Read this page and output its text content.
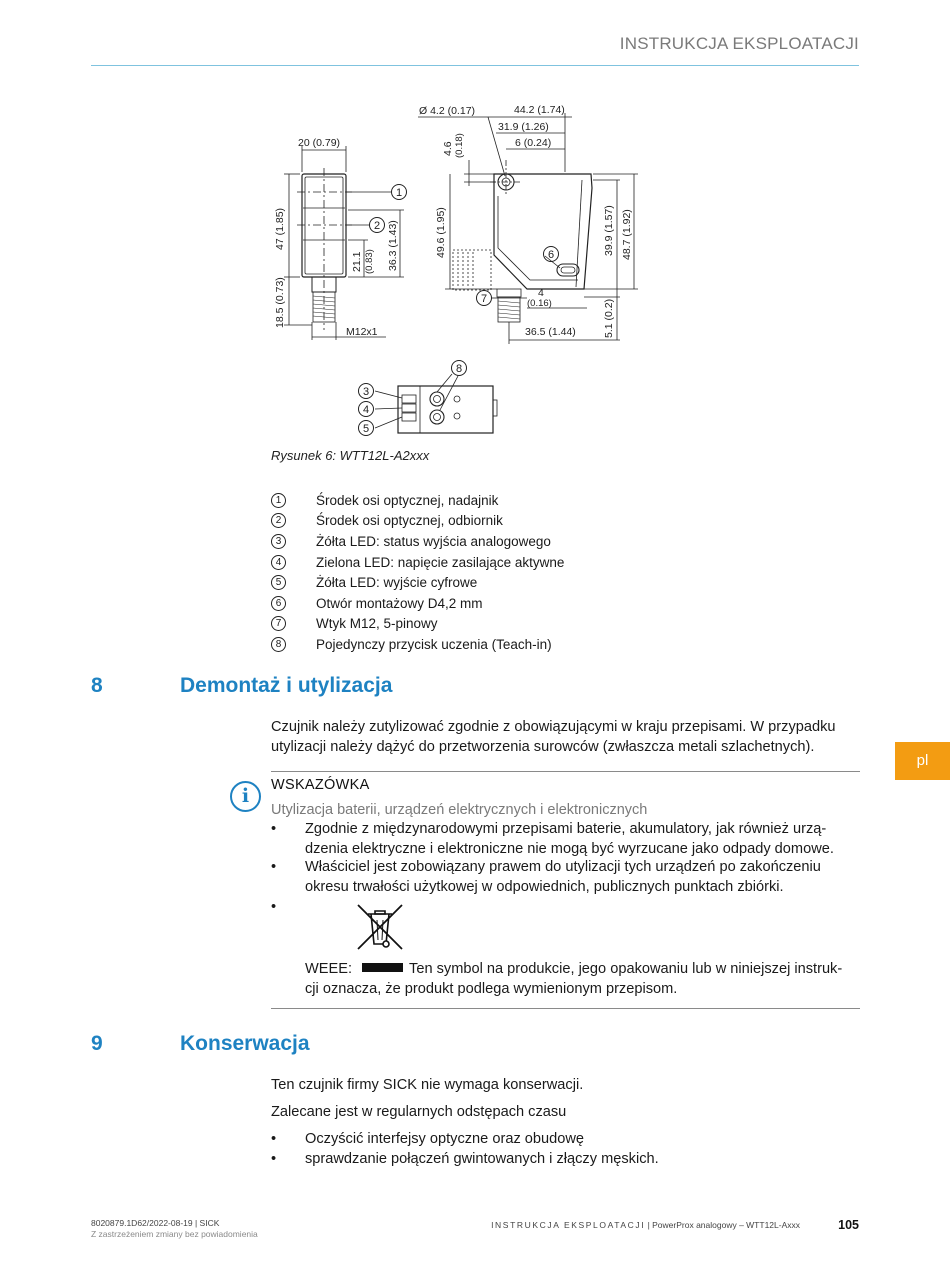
INSTRUKCJA EKSPLOATACJI
20 (0.79)
47 (1.85)
18.5 (0.73)
21.1 (0.83) 36.3 (1.43)
M12x1
Ø 4.2 (0.17)	44.2 (1.74)
31.9 (1.26)
6 (0.24)
4.6 (0.18)
49.6 (1.95)	39.9 (1.57) 48.7 (1.92)
4
(0.16)	5.1 (0.2)
36.5 (1.44)
1
2
6
7
3
4
5
8
Rysunek 6: WTT12L-A2xxx
1	Środek osi optycznej, nadajnik
2	Środek osi optycznej, odbiornik
3	Żółta LED: status wyjścia analogowego
4	Zielona LED: napięcie zasilające aktywne
5	Żółta LED: wyjście cyfrowe
6	Otwór montażowy D4,2 mm
7	Wtyk M12, 5-pinowy
8	Pojedynczy przycisk uczenia (Teach-in)
8	Demontaż i utylizacja
Czujnik należy zutylizować zgodnie z obowiązującymi w kraju przepisami. W przypadku
utylizacji należy dążyć do przetworzenia surowców (zwłaszcza metali szlachetnych).
pl
i	WSKAZÓWKA
Utylizacja baterii, urządzeń elektrycznych i elektronicznych
•	Zgodnie z międzynarodowymi przepisami baterie, akumulatory, jak również urzą-
dzenia elektryczne i elektroniczne nie mogą być wyrzucane jako odpady domowe.
•	Właściciel jest zobowiązany prawem do utylizacji tych urządzeń po zakończeniu
okresu trwałości użytkowej w odpowiednich, publicznych punktach zbiórki.
•
WEEE:	Ten symbol na produkcie, jego opakowaniu lub w niniejszej instruk-
cji oznacza, że produkt podlega wymienionym przepisom.
9	Konserwacja
Ten czujnik firmy SICK nie wymaga konserwacji.
Zalecane jest w regularnych odstępach czasu
•	Oczyścić interfejsy optyczne oraz obudowę
•	sprawdzanie połączeń gwintowanych i złączy męskich.
8020879.1D62/2022-08-19 | SICK
Z zastrzeżeniem zmiany bez powiadomienia
INSTRUKCJA EKSPLOATACJI | PowerProx analogowy – WTT12L-Axxx	105
